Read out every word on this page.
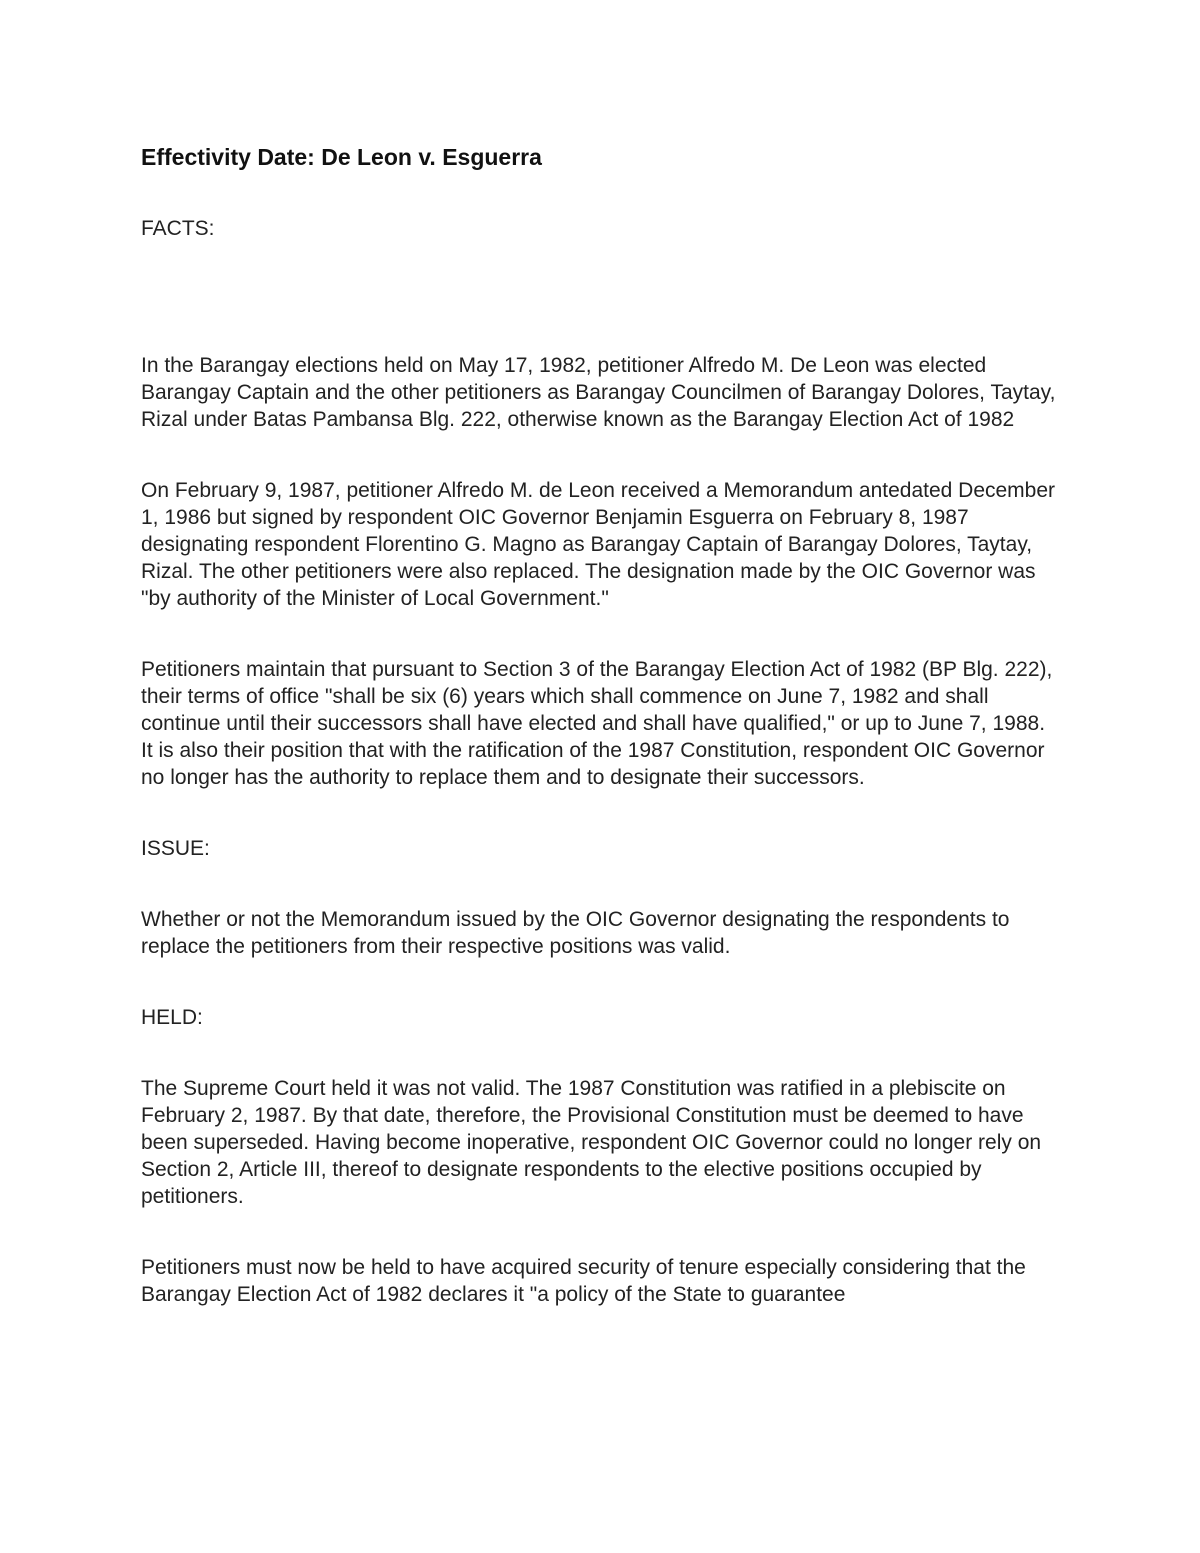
Effectivity Date: De Leon v. Esguerra

FACTS:

In the Barangay elections held on May 17, 1982, petitioner Alfredo M. De Leon was elected Barangay Captain and the other petitioners as Barangay Councilmen of Barangay Dolores, Taytay, Rizal under Batas Pambansa Blg. 222, otherwise known as the Barangay Election Act of 1982

On February 9, 1987, petitioner Alfredo M. de Leon received a Memorandum antedated December 1, 1986 but signed by respondent OIC Governor Benjamin Esguerra on February 8, 1987 designating respondent Florentino G. Magno as Barangay Captain of Barangay Dolores, Taytay, Rizal. The other petitioners were also replaced. The designation made by the OIC Governor was "by authority of the Minister of Local Government."

Petitioners maintain that pursuant to Section 3 of the Barangay Election Act of 1982 (BP Blg. 222), their terms of office "shall be six (6) years which shall commence on June 7, 1982 and shall continue until their successors shall have elected and shall have qualified," or up to June 7, 1988. It is also their position that with the ratification of the 1987 Constitution, respondent OIC Governor no longer has the authority to replace them and to designate their successors.

ISSUE:

Whether or not the Memorandum issued by the OIC Governor designating the respondents to replace the petitioners from their respective positions was valid.

HELD:

The Supreme Court held it was not valid. The 1987 Constitution was ratified in a plebiscite on February 2, 1987. By that date, therefore, the Provisional Constitution must be deemed to have been superseded. Having become inoperative, respondent OIC Governor could no longer rely on Section 2, Article III, thereof to designate respondents to the elective positions occupied by petitioners.

Petitioners must now be held to have acquired security of tenure especially considering that the Barangay Election Act of 1982 declares it "a policy of the State to guarantee
